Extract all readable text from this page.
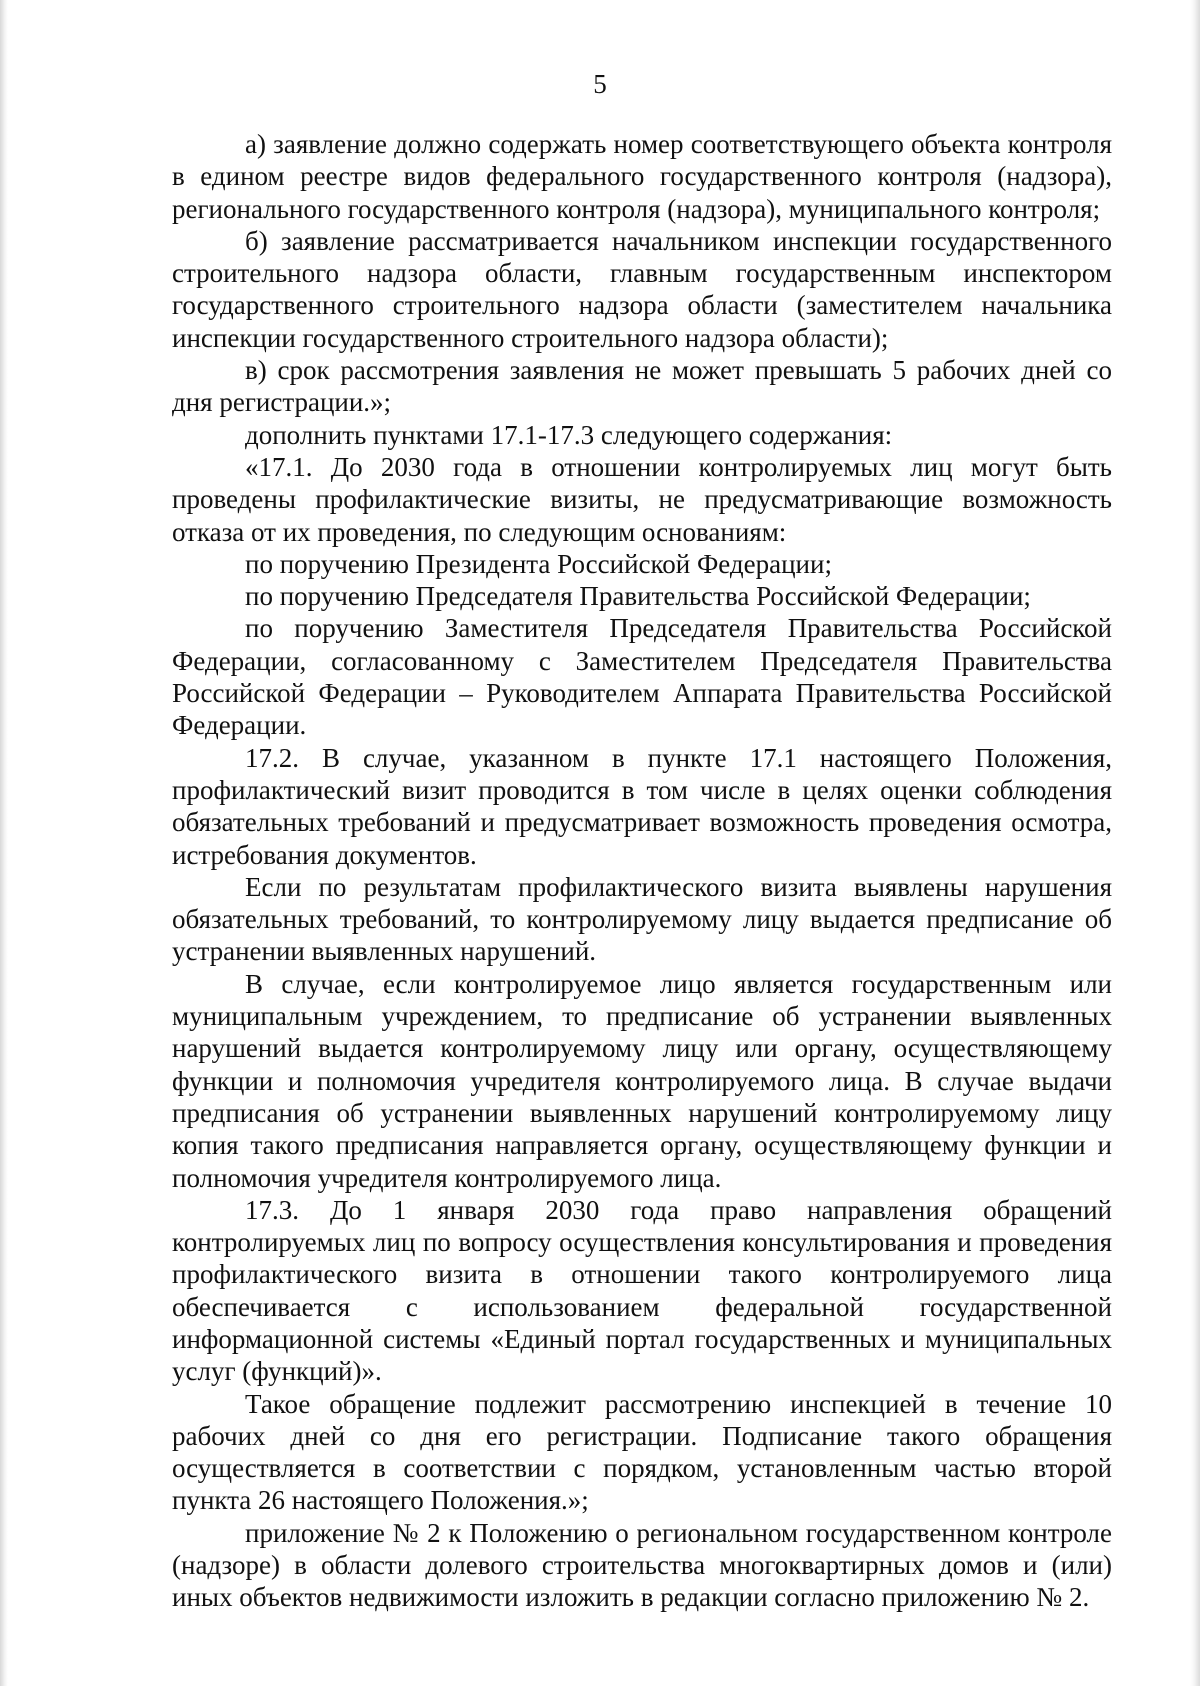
5

а) заявление должно содержать номер соответствующего объекта контроля в едином реестре видов федерального государственного контроля (надзора), регионального государственного контроля (надзора), муниципального контроля;

б) заявление рассматривается начальником инспекции государственного строительного надзора области, главным государственным инспектором государственного строительного надзора области (заместителем начальника инспекции государственного строительного надзора области);

в) срок рассмотрения заявления не может превышать 5 рабочих дней со дня регистрации.»;

дополнить пунктами 17.1-17.3 следующего содержания:

«17.1. До 2030 года в отношении контролируемых лиц могут быть проведены профилактические визиты, не предусматривающие возможность отказа от их проведения, по следующим основаниям:

по поручению Президента Российской Федерации;

по поручению Председателя Правительства Российской Федерации;

по поручению Заместителя Председателя Правительства Российской Федерации, согласованному с Заместителем Председателя Правительства Российской Федерации – Руководителем Аппарата Правительства Российской Федерации.

17.2. В случае, указанном в пункте 17.1 настоящего Положения, профилактический визит проводится в том числе в целях оценки соблюдения обязательных требований и предусматривает возможность проведения осмотра, истребования документов.

Если по результатам профилактического визита выявлены нарушения обязательных требований, то контролируемому лицу выдается предписание об устранении выявленных нарушений.

В случае, если контролируемое лицо является государственным или муниципальным учреждением, то предписание об устранении выявленных нарушений выдается контролируемому лицу или органу, осуществляющему функции и полномочия учредителя контролируемого лица. В случае выдачи предписания об устранении выявленных нарушений контролируемому лицу копия такого предписания направляется органу, осуществляющему функции и полномочия учредителя контролируемого лица.

17.3. До 1 января 2030 года право направления обращений контролируемых лиц по вопросу осуществления консультирования и проведения профилактического визита в отношении такого контролируемого лица обеспечивается с использованием федеральной государственной информационной системы «Единый портал государственных и муниципальных услуг (функций)».

Такое обращение подлежит рассмотрению инспекцией в течение 10 рабочих дней со дня его регистрации. Подписание такого обращения осуществляется в соответствии с порядком, установленным частью второй пункта 26 настоящего Положения.»;

приложение № 2 к Положению о региональном государственном контроле (надзоре) в области долевого строительства многоквартирных домов и (или) иных объектов недвижимости изложить в редакции согласно приложению № 2.
